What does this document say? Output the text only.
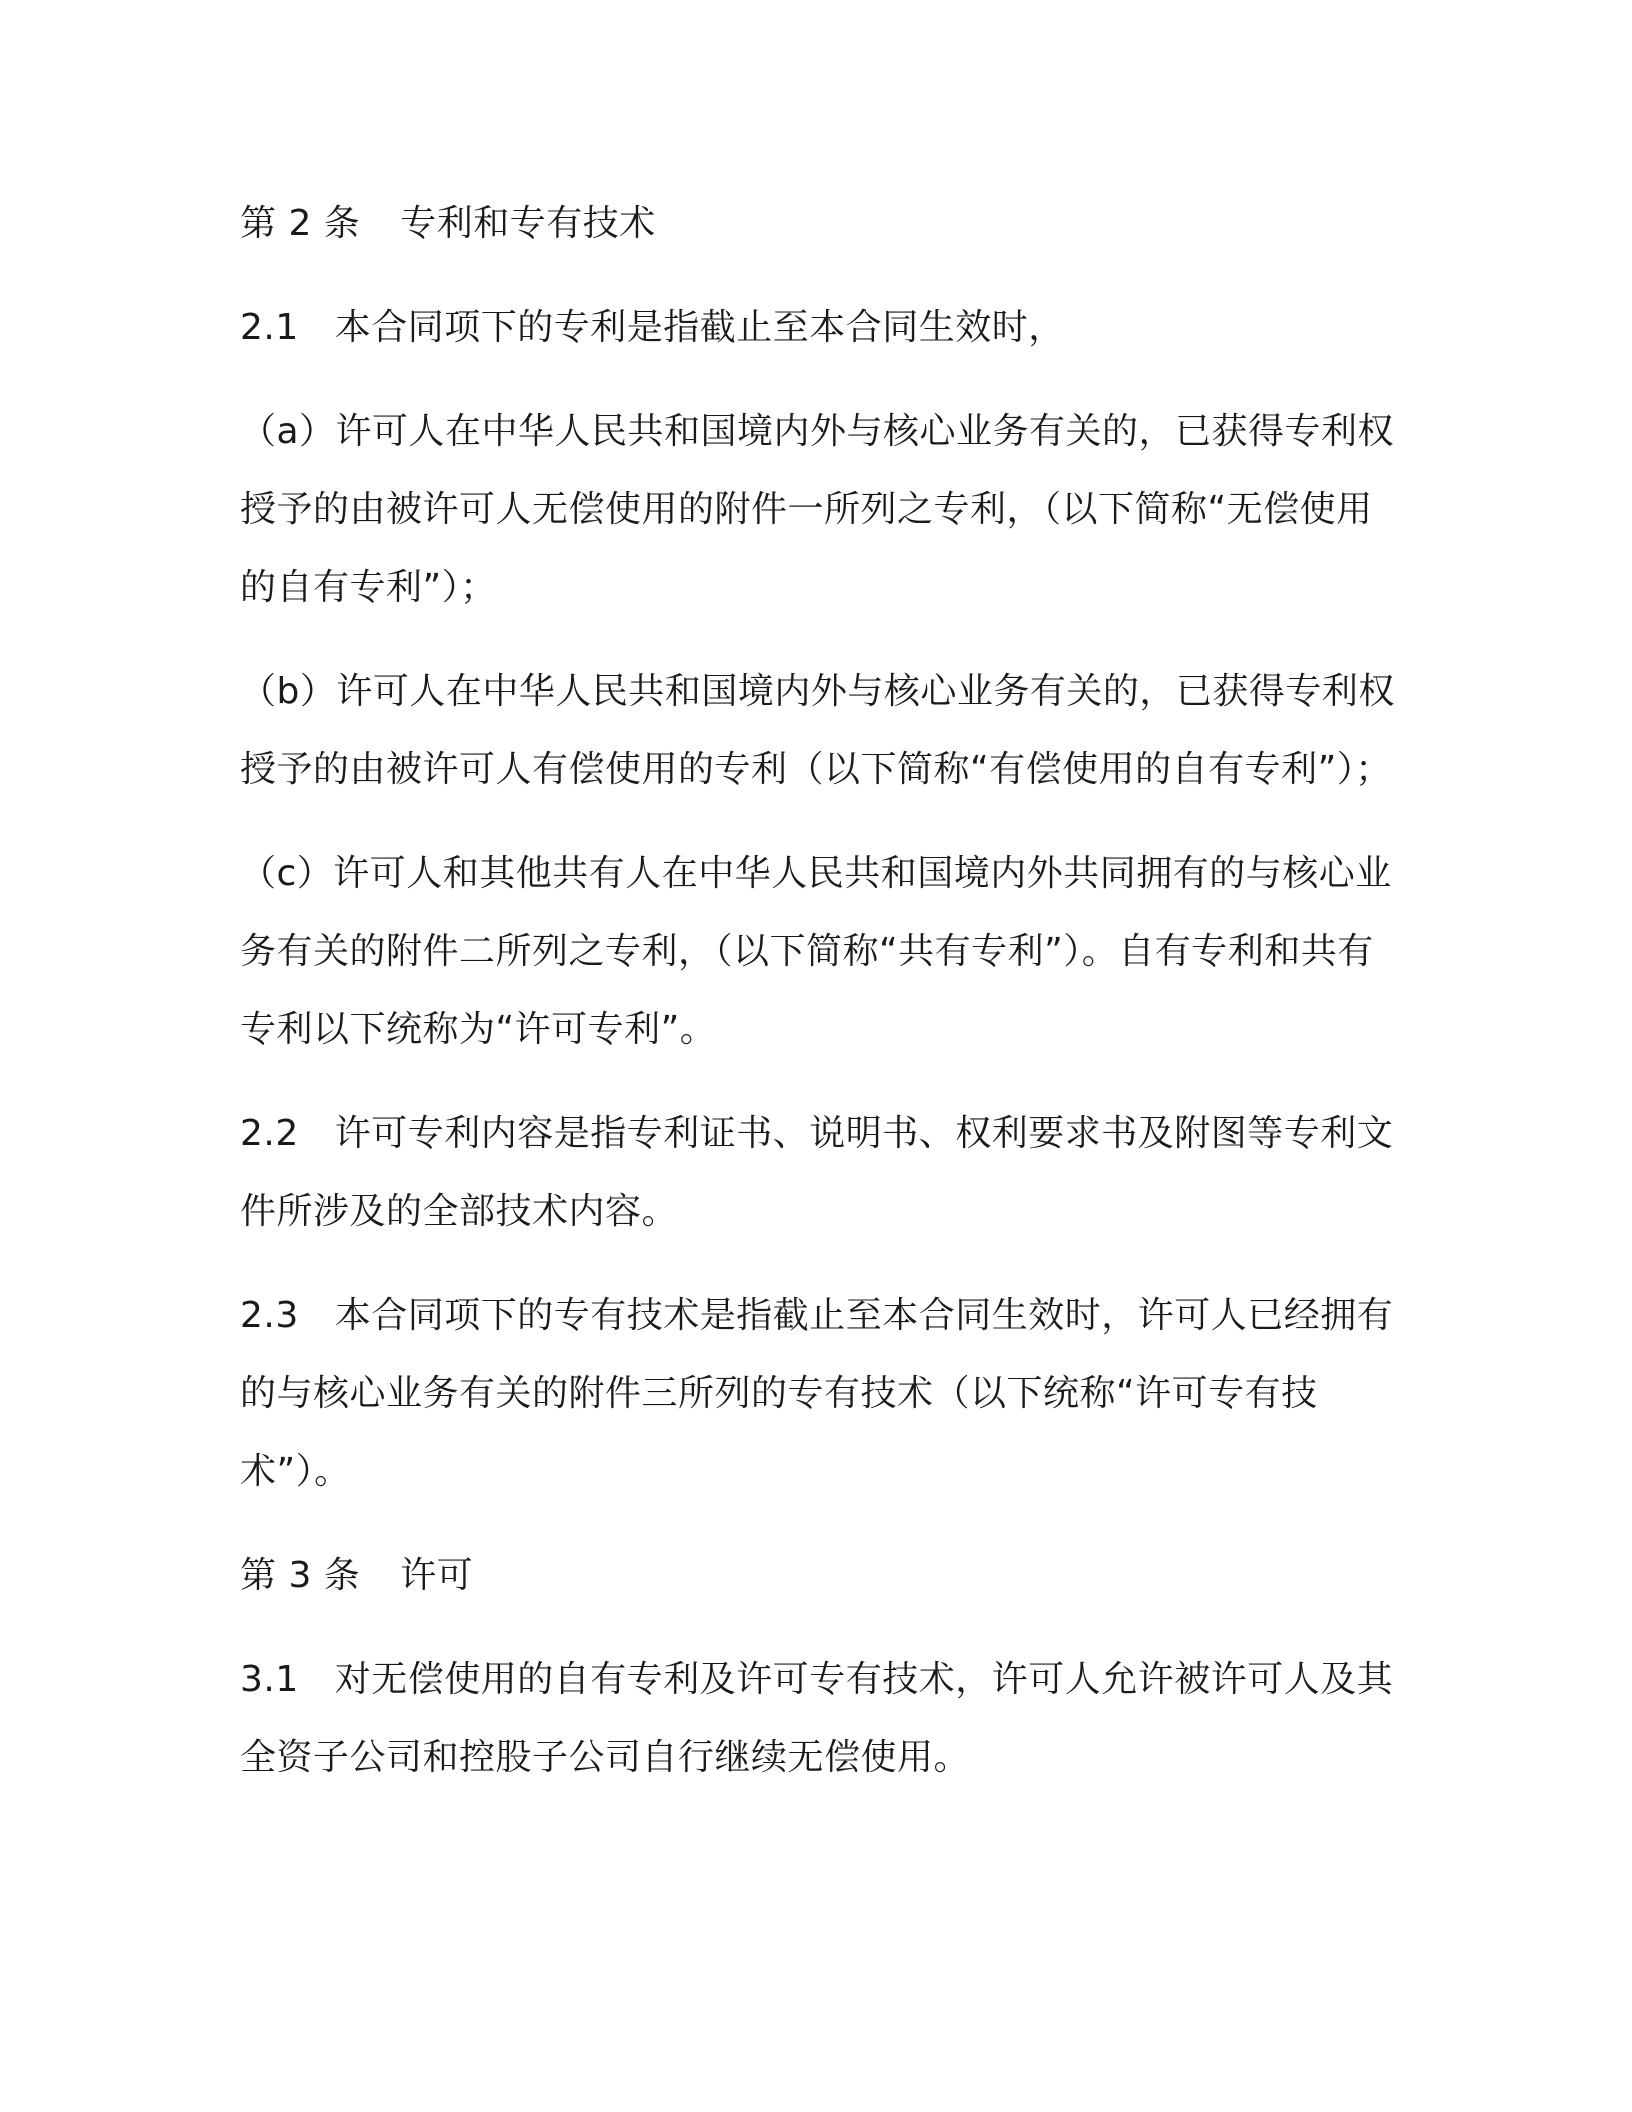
第 2 条 专利和专有技术

2.1 本合同项下的专利是指截止至本合同生效时，

（a）许可人在中华人民共和国境内外与核心业务有关的，已获得专利权授予的由被许可人无偿使用的附件一所列之专利，（以下简称“无偿使用的自有专利”）；

（b）许可人在中华人民共和国境内外与核心业务有关的，已获得专利权授予的由被许可人有偿使用的专利（以下简称“有偿使用的自有专利”）；

（c）许可人和其他共有人在中华人民共和国境内外共同拥有的与核心业务有关的附件二所列之专利，（以下简称“共有专利”）。自有专利和共有专利以下统称为“许可专利”。

2.2 许可专利内容是指专利证书、说明书、权利要求书及附图等专利文件所涉及的全部技术内容。

2.3 本合同项下的专有技术是指截止至本合同生效时，许可人已经拥有的与核心业务有关的附件三所列的专有技术（以下统称“许可专有技术”）。

第 3 条 许可

3.1 对无偿使用的自有专利及许可专有技术，许可人允许被许可人及其全资子公司和控股子公司自行继续无偿使用。
